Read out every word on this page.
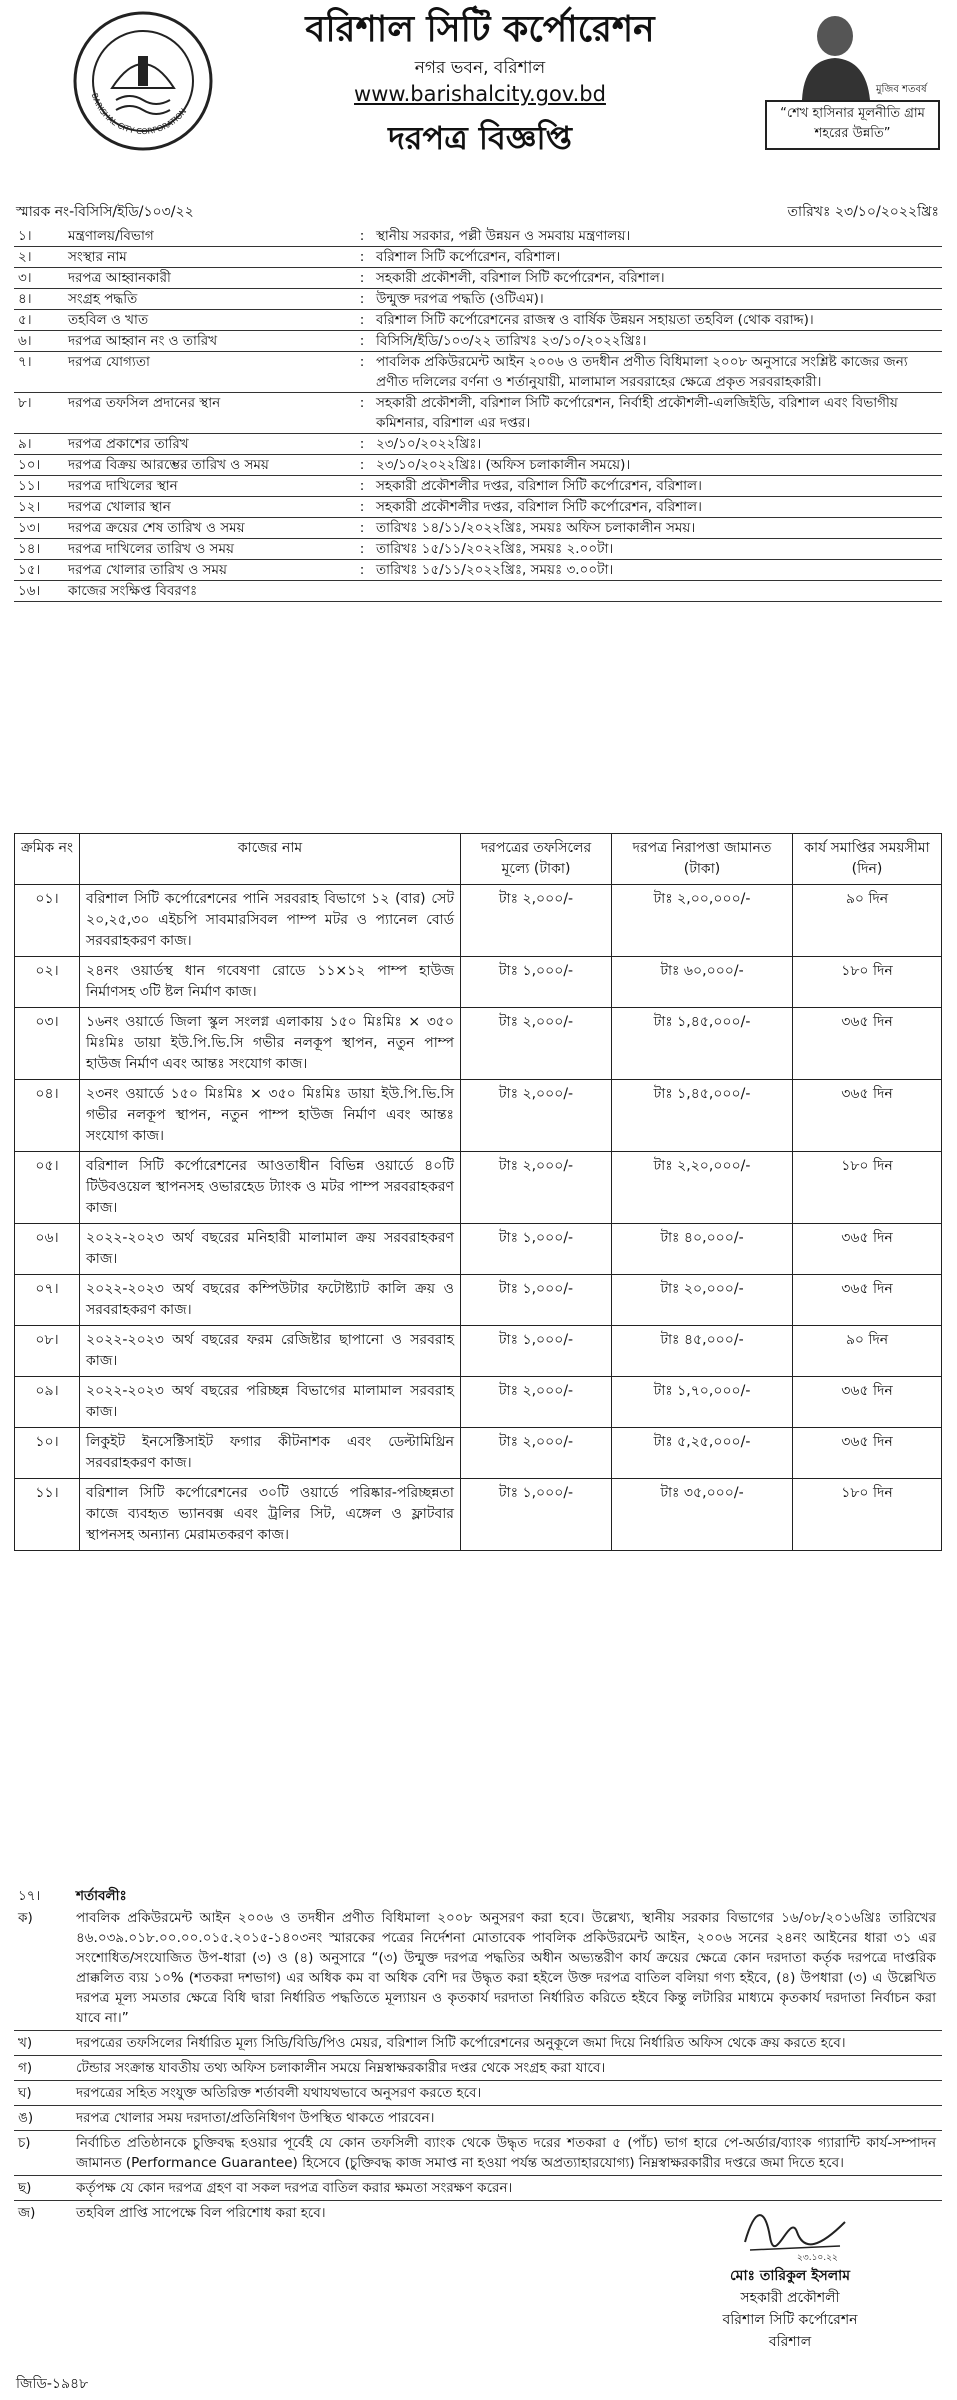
BARISHAL CITY CORPORATION
বরিশাল সিটি কর্পোরেশন
নগর ভবন, বরিশাল
www.barishalcity.gov.bd
দরপত্র বিজ্ঞপ্তি
মুজিব শতবর্ষ
“শেখ হাসিনার মূলনীতি গ্রাম শহরের উন্নতি”
স্মারক নং-বিসিসি/ইডি/১০৩/২২	তারিখঃ ২৩/১০/২০২২খ্রিঃ
১।	মন্ত্রণালয়/বিভাগ	: স্থানীয় সরকার, পল্লী উন্নয়ন ও সমবায় মন্ত্রণালয়।
২।	সংস্থার নাম	: বরিশাল সিটি কর্পোরেশন, বরিশাল।
৩।	দরপত্র আহ্বানকারী	: সহকারী প্রকৌশলী, বরিশাল সিটি কর্পোরেশন, বরিশাল।
৪।	সংগ্রহ পদ্ধতি	: উন্মুক্ত দরপত্র পদ্ধতি (ওটিএম)।
৫।	তহবিল ও খাত	: বরিশাল সিটি কর্পোরেশনের রাজস্ব ও বার্ষিক উন্নয়ন সহায়তা তহবিল (থোক বরাদ্দ)।
৬।	দরপত্র আহ্বান নং ও তারিখ	: বিসিসি/ইডি/১০৩/২২ তারিখঃ ২৩/১০/২০২২খ্রিঃ।
৭।	দরপত্র যোগ্যতা	: পাবলিক প্রকিউরমেন্ট আইন ২০০৬ ও তদধীন প্রণীত বিধিমালা ২০০৮ অনুসারে সংশ্লিষ্ট কাজের জন্য প্রণীত দলিলের বর্ণনা ও শর্তানুযায়ী, মালামাল সরবরাহের ক্ষেত্রে প্রকৃত সরবরাহকারী।
৮।	দরপত্র তফসিল প্রদানের স্থান	: সহকারী প্রকৌশলী, বরিশাল সিটি কর্পোরেশন, নির্বাহী প্রকৌশলী-এলজিইডি, বরিশাল এবং বিভাগীয় কমিশনার, বরিশাল এর দপ্তর।
৯।	দরপত্র প্রকাশের তারিখ	: ২৩/১০/২০২২খ্রিঃ।
১০।	দরপত্র বিক্রয় আরম্ভের তারিখ ও সময়	: ২৩/১০/২০২২খ্রিঃ। (অফিস চলাকালীন সময়ে)।
১১।	দরপত্র দাখিলের স্থান	: সহকারী প্রকৌশলীর দপ্তর, বরিশাল সিটি কর্পোরেশন, বরিশাল।
১২।	দরপত্র খোলার স্থান	: সহকারী প্রকৌশলীর দপ্তর, বরিশাল সিটি কর্পোরেশন, বরিশাল।
১৩।	দরপত্র ক্রয়ের শেষ তারিখ ও সময়	: তারিখঃ ১৪/১১/২০২২খ্রিঃ, সময়ঃ অফিস চলাকালীন সময়।
১৪।	দরপত্র দাখিলের তারিখ ও সময়	: তারিখঃ ১৫/১১/২০২২খ্রিঃ, সময়ঃ ২.০০টা।
১৫।	দরপত্র খোলার তারিখ ও সময়	: তারিখঃ ১৫/১১/২০২২খ্রিঃ, সময়ঃ ৩.০০টা।
১৬।	কাজের সংক্ষিপ্ত বিবরণঃ
ক্রমিক নং	কাজের নাম	দরপত্রের তফসিলের মূল্যে (টাকা)	দরপত্র নিরাপত্তা জামানত (টাকা)	কার্য সমাপ্তির সময়সীমা (দিন)
০১।	বরিশাল সিটি কর্পোরেশনের পানি সরবরাহ বিভাগে ১২ (বার) সেট ২০,২৫,৩০ এইচপি সাবমারসিবল পাম্প মটর ও প্যানেল বোর্ড সরবরাহকরণ কাজ।	টাঃ ২,০০০/-	টাঃ ২,০০,০০০/-	৯০ দিন
০২।	২৪নং ওয়ার্ডস্থ ধান গবেষণা রোডে ১১×১২ পাম্প হাউজ নির্মাণসহ ৩টি ষ্টল নির্মাণ কাজ।	টাঃ ১,০০০/-	টাঃ ৬০,০০০/-	১৮০ দিন
০৩।	১৬নং ওয়ার্ডে জিলা স্কুল সংলগ্ন এলাকায় ১৫০ মিঃমিঃ × ৩৫০ মিঃমিঃ ডায়া ইউ.পি.ভি.সি গভীর নলকূপ স্থাপন, নতুন পাম্প হাউজ নির্মাণ এবং আন্তঃ সংযোগ কাজ।	টাঃ ২,০০০/-	টাঃ ১,৪৫,০০০/-	৩৬৫ দিন
০৪।	২৩নং ওয়ার্ডে ১৫০ মিঃমিঃ × ৩৫০ মিঃমিঃ ডায়া ইউ.পি.ভি.সি গভীর নলকূপ স্থাপন, নতুন পাম্প হাউজ নির্মাণ এবং আন্তঃ সংযোগ কাজ।	টাঃ ২,০০০/-	টাঃ ১,৪৫,০০০/-	৩৬৫ দিন
০৫।	বরিশাল সিটি কর্পোরেশনের আওতাধীন বিভিন্ন ওয়ার্ডে ৪০টি টিউবওয়েল স্থাপনসহ ওভারহেড ট্যাংক ও মটর পাম্প সরবরাহকরণ কাজ।	টাঃ ২,০০০/-	টাঃ ২,২০,০০০/-	১৮০ দিন
০৬।	২০২২-২০২৩ অর্থ বছরের মনিহারী মালামাল ক্রয় সরবরাহকরণ কাজ।	টাঃ ১,০০০/-	টাঃ ৪০,০০০/-	৩৬৫ দিন
০৭।	২০২২-২০২৩ অর্থ বছরের কম্পিউটার ফটোষ্ট্যাট কালি ক্রয় ও সরবরাহকরণ কাজ।	টাঃ ১,০০০/-	টাঃ ২০,০০০/-	৩৬৫ দিন
০৮।	২০২২-২০২৩ অর্থ বছরের ফরম রেজিষ্টার ছাপানো ও সরবরাহ কাজ।	টাঃ ১,০০০/-	টাঃ ৪৫,০০০/-	৯০ দিন
০৯।	২০২২-২০২৩ অর্থ বছরের পরিচ্ছন্ন বিভাগের মালামাল সরবরাহ কাজ।	টাঃ ২,০০০/-	টাঃ ১,৭০,০০০/-	৩৬৫ দিন
১০।	লিকুইট ইনসেক্টিসাইট ফগার কীটনাশক এবং ডেল্টামিথ্রিন সরবরাহকরণ কাজ।	টাঃ ২,০০০/-	টাঃ ৫,২৫,০০০/-	৩৬৫ দিন
১১।	বরিশাল সিটি কর্পোরেশনের ৩০টি ওয়ার্ডে পরিষ্কার-পরিচ্ছন্নতা কাজে ব্যবহৃত ভ্যানবক্স এবং ট্রলির সিট, এঙ্গেল ও ফ্লাটবার স্থাপনসহ অন্যান্য মেরামতকরণ কাজ।	টাঃ ১,০০০/-	টাঃ ৩৫,০০০/-	১৮০ দিন
১৭।	শর্তাবলীঃ
ক)	পাবলিক প্রকিউরমেন্ট আইন ২০০৬ ও তদধীন প্রণীত বিধিমালা ২০০৮ অনুসরণ করা হবে। উল্লেখ্য, স্থানীয় সরকার বিভাগের ১৬/০৮/২০১৬খ্রিঃ তারিখের ৪৬.০৩৯.০১৮.০০.০০.০১৫.২০১৫-১৪০৩নং স্মারকের পত্রের নির্দেশনা মোতাবেক পাবলিক প্রকিউরমেন্ট আইন, ২০০৬ সনের ২৪নং আইনের ধারা ৩১ এর সংশোধিত/সংযোজিত উপ-ধারা (৩) ও (৪) অনুসারে “(৩) উন্মুক্ত দরপত্র পদ্ধতির অধীন অভ্যন্তরীণ কার্য ক্রয়ের ক্ষেত্রে কোন দরদাতা কর্তৃক দরপত্রে দাপ্তরিক প্রাক্কলিত ব্যয় ১০% (শতকরা দশভাগ) এর অধিক কম বা অধিক বেশি দর উদ্ধৃত করা হইলে উক্ত দরপত্র বাতিল বলিয়া গণ্য হইবে, (৪) উপধারা (৩) এ উল্লেখিত দরপত্র মূল্য সমতার ক্ষেত্রে বিধি দ্বারা নির্ধারিত পদ্ধতিতে মূল্যায়ন ও কৃতকার্য দরদাতা নির্ধারিত করিতে হইবে কিন্তু লটারির মাধ্যমে কৃতকার্য দরদাতা নির্বাচন করা যাবে না।”
খ)	দরপত্রের তফসিলের নির্ধারিত মূল্য সিডি/বিডি/পিও মেয়র, বরিশাল সিটি কর্পোরেশনের অনুকূলে জমা দিয়ে নির্ধারিত অফিস থেকে ক্রয় করতে হবে।
গ)	টেন্ডার সংক্রান্ত যাবতীয় তথ্য অফিস চলাকালীন সময়ে নিম্নস্বাক্ষরকারীর দপ্তর থেকে সংগ্রহ করা যাবে।
ঘ)	দরপত্রের সহিত সংযুক্ত অতিরিক্ত শর্তাবলী যথাযথভাবে অনুসরণ করতে হবে।
ঙ)	দরপত্র খোলার সময় দরদাতা/প্রতিনিধিগণ উপস্থিত থাকতে পারবেন।
চ)	নির্বাচিত প্রতিষ্ঠানকে চুক্তিবদ্ধ হওয়ার পূর্বেই যে কোন তফসিলী ব্যাংক থেকে উদ্ধৃত দরের শতকরা ৫ (পাঁচ) ভাগ হারে পে-অর্ডার/ব্যাংক গ্যারান্টি কার্য-সম্পাদন জামানত (Performance Guarantee) হিসেবে (চুক্তিবদ্ধ কাজ সমাপ্ত না হওয়া পর্যন্ত অপ্রত্যাহারযোগ্য) নিম্নস্বাক্ষরকারীর দপ্তরে জমা দিতে হবে।
ছ)	কর্তৃপক্ষ যে কোন দরপত্র গ্রহণ বা সকল দরপত্র বাতিল করার ক্ষমতা সংরক্ষণ করেন।
জ)	তহবিল প্রাপ্তি সাপেক্ষে বিল পরিশোধ করা হবে।
২৩.১০.২২
মোঃ তারিকুল ইসলাম
সহকারী প্রকৌশলী
বরিশাল সিটি কর্পোরেশন
বরিশাল
জিডি-১৯৪৮
